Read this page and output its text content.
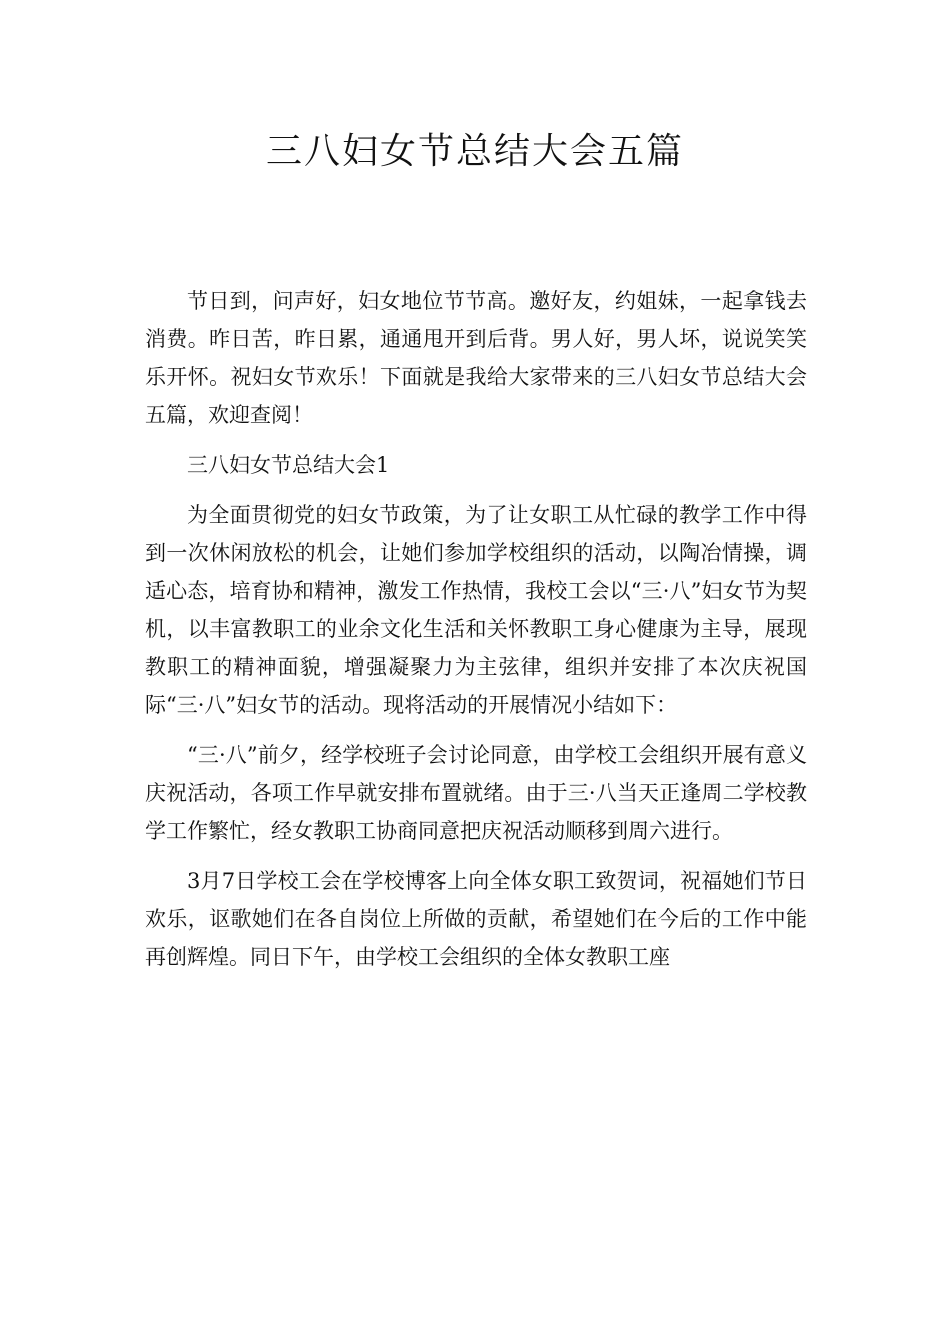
三八妇女节总结大会五篇

节日到，问声好，妇女地位节节高。邀好友，约姐妹，一起拿钱去消费。昨日苦，昨日累，通通甩开到后背。男人好，男人坏，说说笑笑乐开怀。祝妇女节欢乐！下面就是我给大家带来的三八妇女节总结大会五篇，欢迎查阅！

三八妇女节总结大会1

为全面贯彻党的妇女节政策，为了让女职工从忙碌的教学工作中得到一次休闲放松的机会，让她们参加学校组织的活动，以陶冶情操，调适心态，培育协和精神，激发工作热情，我校工会以“三·八”妇女节为契机，以丰富教职工的业余文化生活和关怀教职工身心健康为主导，展现教职工的精神面貌，增强凝聚力为主弦律，组织并安排了本次庆祝国际“三·八”妇女节的活动。现将活动的开展情况小结如下：

“三·八”前夕，经学校班子会讨论同意，由学校工会组织开展有意义庆祝活动，各项工作早就安排布置就绪。由于三·八当天正逢周二学校教学工作繁忙，经女教职工协商同意把庆祝活动顺移到周六进行。

3月7日学校工会在学校博客上向全体女职工致贺词，祝福她们节日欢乐，讴歌她们在各自岗位上所做的贡献，希望她们在今后的工作中能再创辉煌。同日下午，由学校工会组织的全体女教职工座
